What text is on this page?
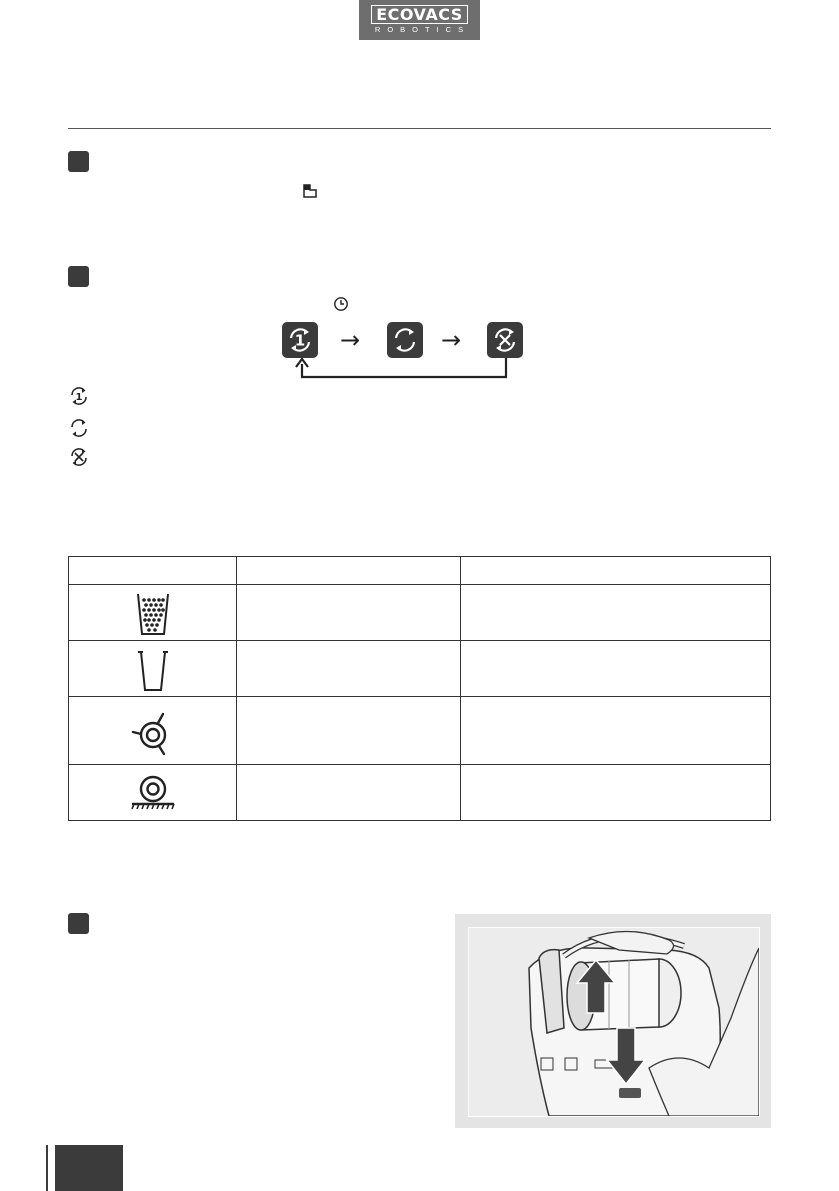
ECOVACS
ROBOTICS
1 →	→
1
